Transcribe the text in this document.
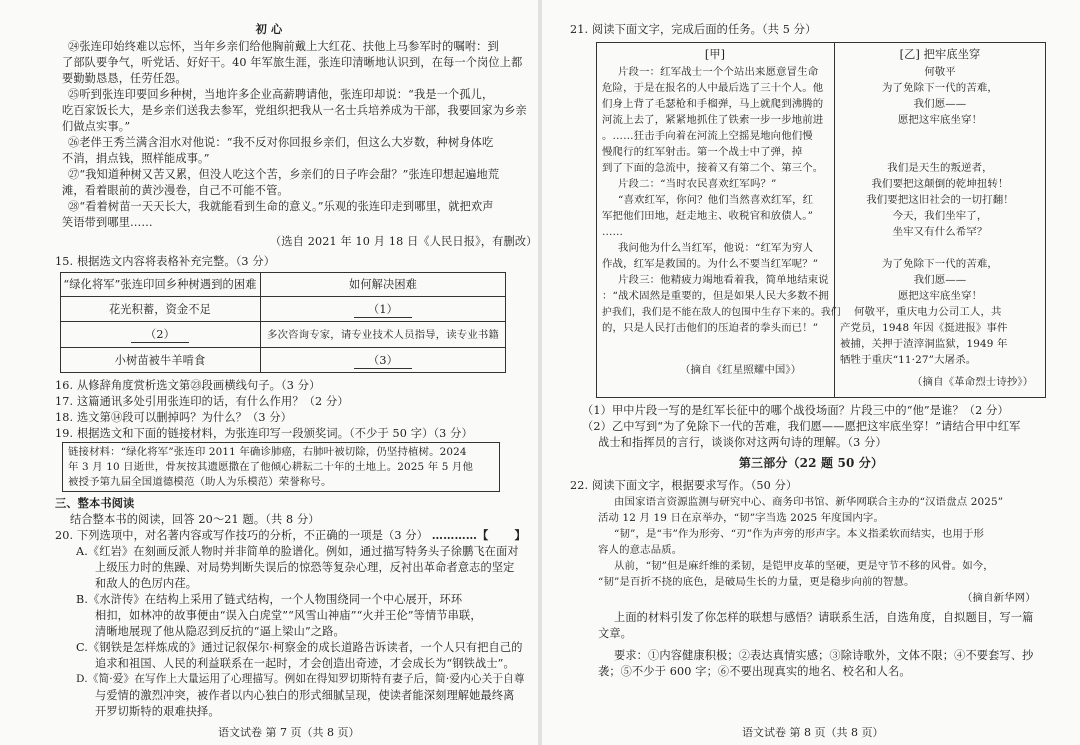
初 心
㉔张连印始终难以忘怀，当年乡亲们给他胸前戴上大红花、扶他上马参军时的嘱咐：到
了部队要争气，听党话、好好干。40 年军旅生涯，张连印清晰地认识到，在每一个岗位上都
要勤勤恳恳，任劳任怨。
㉕听到张连印要回乡种树，当地许多企业高薪聘请他，张连印却说：“我是一个孤儿，
吃百家饭长大，是乡亲们送我去参军，党组织把我从一名士兵培养成为干部，我要回家为乡亲
们做点实事。”
㉖老伴王秀兰满含泪水对他说：“我不反对你回报乡亲们，但这么大岁数，种树身体吃
不消，捐点钱，照样能成事。”
㉗“我知道种树又苦又累，但没人吃这个苦，乡亲们的日子咋会甜？”张连印想起遍地荒
滩，看着眼前的黄沙漫卷，自己不可能不管。
㉘“看着树苗一天天长大，我就能看到生命的意义。”乐观的张连印走到哪里，就把欢声
笑语带到哪里……
（选自 2021 年 10 月 18 日《人民日报》，有删改）
15. 根据选文内容将表格补充完整。（3 分）
“绿化将军”张连印回乡种树遇到的困难	如何解决困难
花光积蓄，资金不足	（1）
（2）	多次咨询专家，请专业技术人员指导，读专业书籍
小树苗被牛羊啃食	（3）
16. 从修辞角度赏析选文第㉓段画横线句子。（3 分）
17. 这篇通讯多处引用张连印的话，有什么作用？（2 分）
18. 选文第⑭段可以删掉吗？为什么？（3 分）
19. 根据选文和下面的链接材料，为张连印写一段颁奖词。（不少于 50 字）（3 分）
链接材料：“绿化将军”张连印 2011 年确诊肺癌，右肺叶被切除，仍坚持植树。2024
年 3 月 10 日逝世，骨灰按其遗愿撒在了他倾心耕耘二十年的土地上。2025 年 5 月他
被授予第九届全国道德模范（助人为乐模范）荣誉称号。
三、整本书阅读
结合整本书的阅读，回答 20～21 题。（共 8 分）
20. 下列选项中，对名著内容或写作技巧的分析，不正确的一项是（3 分） …………【 】
A.《红岩》在刻画反派人物时并非简单的脸谱化。例如，通过描写特务头子徐鹏飞在面对
上级压力时的焦躁、对局势判断失误后的惊恐等复杂心理，反衬出革命者意志的坚定
和敌人的色厉内荏。
B.《水浒传》在结构上采用了链式结构，一个人物围绕同一个中心展开，环环
相扣，如林冲的故事便由“误入白虎堂”“风雪山神庙”“火并王伦”等情节串联，
清晰地展现了他从隐忍到反抗的“逼上梁山”之路。
C.《钢铁是怎样炼成的》通过记叙保尔·柯察金的成长道路告诉读者，一个人只有把自己的
追求和祖国、人民的利益联系在一起时，才会创造出奇迹，才会成长为“钢铁战士”。
D.《简·爱》在写作上大量运用了心理描写。例如在得知罗切斯特有妻子后，简·爱内心关于自尊
与爱情的激烈冲突，被作者以内心独白的形式细腻呈现，使读者能深刻理解她最终离
开罗切斯特的艰难抉择。
语文试卷 第 7 页（共 8 页）
21. 阅读下面文字，完成后面的任务。（共 5 分）
[甲]	[乙] 把牢底坐穿
片段一：红军战士一个个站出来愿意冒生命
危险，于是在报名的人中最后选了三十个人。他
们身上背了毛瑟枪和手榴弹，马上就爬到沸腾的
河流上去了，紧紧地抓住了铁索一步一步地前进
。……狂击手向着在河流上空摇晃地向他们慢
慢爬行的红军射击。第一个战士中了弹，掉
到了下面的急流中，接着又有第二个、第三个。
片段二：“当时农民喜欢红军吗？”
“喜欢红军，你问？他们当然喜欢红军，红
军把他们田地，赶走地主、收税官和放债人。”
……
我问他为什么当红军，他说：“红军为穷人
作战，红军是救国的。为什么不要当红军呢？”
片段三：他精疲力竭地看着我，简单地结束说
：“战术固然是重要的，但是如果人民大多数不拥
护我们，我们是不能在敌人的包围中生存下来的。我们
的，只是人民打击他们的压迫者的拳头而已！”
（摘自《红星照耀中国》）
何敬平
为了免除下一代的苦难，
我们愿——
愿把这牢底坐穿！
我们是天生的叛逆者，
我们要把这颠倒的乾坤扭转！
我们要把这旧社会的一切打翻！
今天，我们坐牢了，
坐牢又有什么希罕？
为了免除下一代的苦难，
我们愿——
愿把这牢底坐穿！
何敬平，重庆电力公司工人，共
产党员，1948 年因《挺进报》事件
被捕，关押于渣滓洞监狱，1949 年
牺牲于重庆“11·27”大屠杀。
（摘自《革命烈士诗抄》）
（1）甲中片段一写的是红军长征中的哪个战役场面？片段三中的“他”是谁？（2 分）
（2）乙中写到“为了免除下一代的苦难，我们愿——愿把这牢底坐穿！”请结合甲中红军
战士和指挥员的言行，谈谈你对这两句诗的理解。（3 分）
第三部分（22 题 50 分）
22. 阅读下面文字，根据要求写作。（50 分）
由国家语言资源监测与研究中心、商务印书馆、新华网联合主办的“汉语盘点 2025”
活动 12 月 19 日在京举办，“韧”字当选 2025 年度国内字。
“韧”，是“韦”作为形旁、“刃”作为声旁的形声字。本义指柔软而结实，也用于形
容人的意志品质。
从前，“韧”但是麻纤维的柔韧，是铠甲皮革的坚硬，更是守节不移的风骨。如今，
“韧”是百折不挠的底色，是破局生长的力量，更是稳步向前的智慧。
（摘自新华网）
上面的材料引发了你怎样的联想与感悟？请联系生活，自选角度，自拟题目，写一篇
文章。
要求：①内容健康积极；②表达真情实感；③除诗歌外，文体不限；④不要套写、抄
袭；⑤不少于 600 字；⑥不要出现真实的地名、校名和人名。
语文试卷 第 8 页（共 8 页）
